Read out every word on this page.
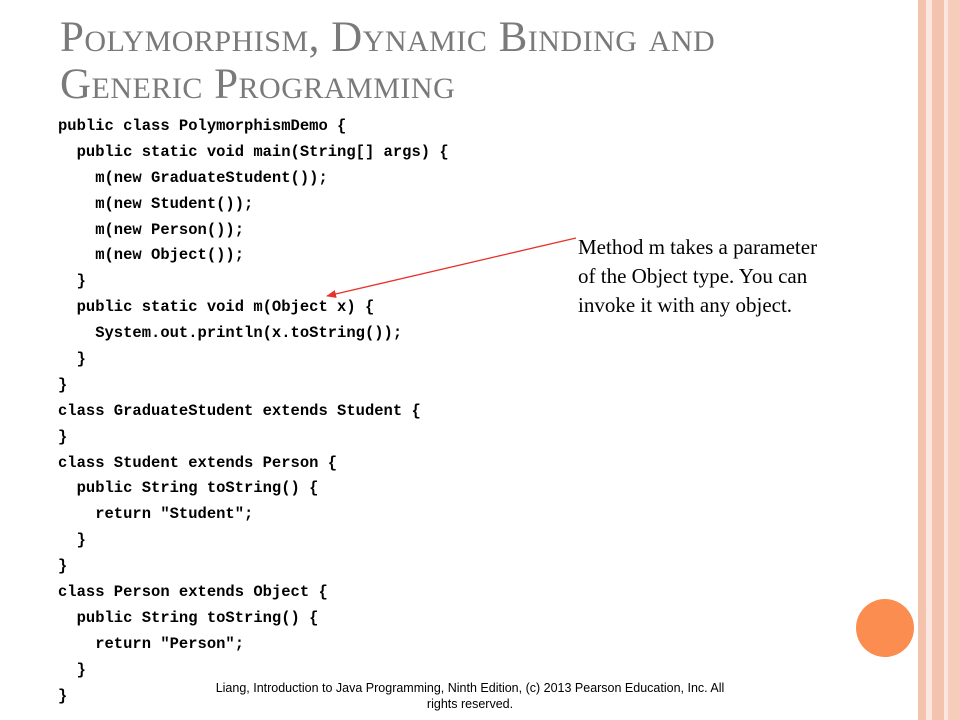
Polymorphism, Dynamic Binding and
Generic Programming
public class PolymorphismDemo {
public static void main(String[] args) {
m(new GraduateStudent());
m(new Student());
m(new Person());
m(new Object());
}
public static void m(Object x) {
System.out.println(x.toString());
}
}
class GraduateStudent extends Student {
}
class Student extends Person {
public String toString() {
return "Student";
}
}
class Person extends Object {
public String toString() {
return "Person";
}
}
Method m takes a parameter
of the Object type. You can
invoke it with any object.
Liang, Introduction to Java Programming, Ninth Edition, (c) 2013 Pearson Education, Inc. All
rights reserved.
